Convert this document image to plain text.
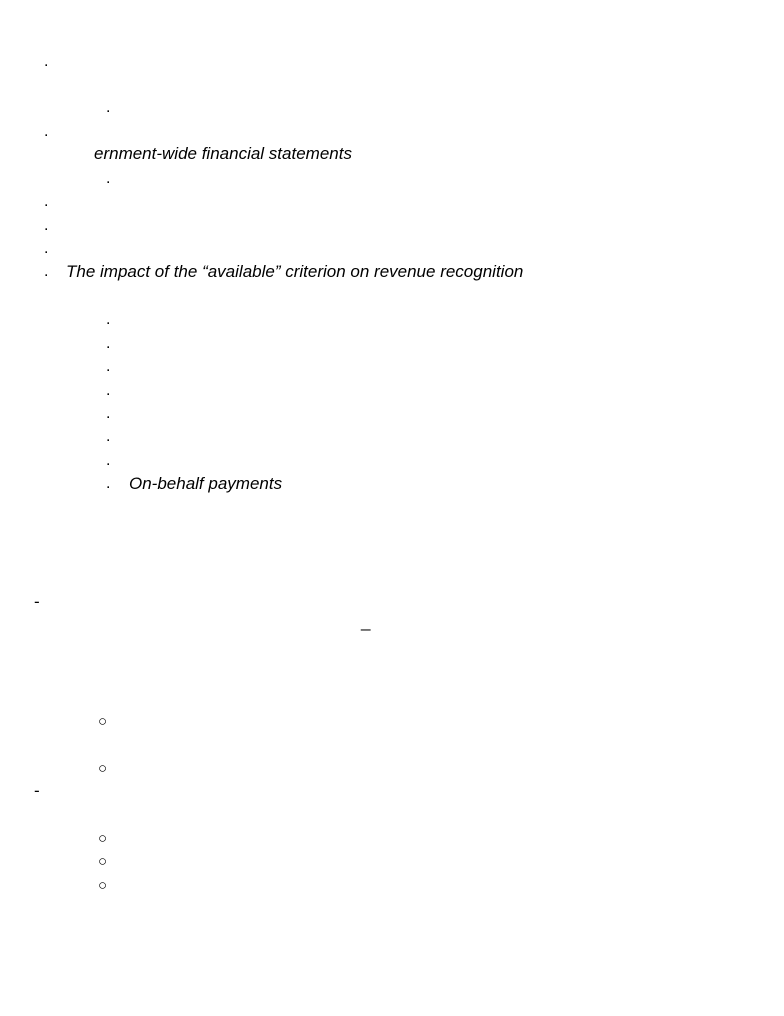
.
.
.
ernment-wide financial statements
.
.
.
.
. The impact of the “available” criterion on revenue recognition
.
.
.
.
.
.
.
. On-behalf payments
-
_
○
○
-
○
○
○
